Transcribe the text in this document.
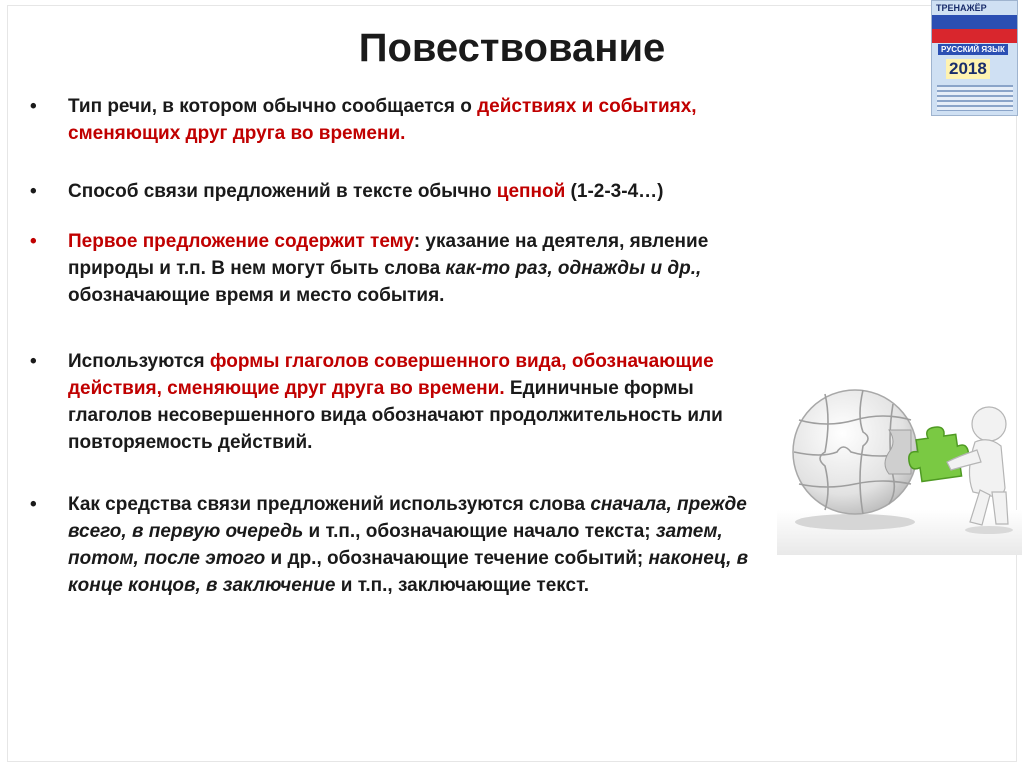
Повествование
•	Тип речи, в котором обычно сообщается о действиях и событиях, сменяющих друг друга во времени.
•	Способ связи предложений в тексте обычно цепной (1-2-3-4…)
•	Первое предложение содержит тему: указание на деятеля, явление природы и т.п. В нем могут быть слова как-то раз, однажды и др., обозначающие время и место события.
•	Используются формы глаголов совершенного вида, обозначающие действия, сменяющие друг друга во времени. Единичные формы глаголов несовершенного вида обозначают продолжительность или повторяемость действий.
•	Как средства связи предложений используются слова сначала, прежде всего, в первую очередь и т.п., обозначающие начало текста; затем, потом, после этого и др., обозначающие течение событий; наконец, в конце концов, в заключение и т.п., заключающие текст.
ТРЕНАЖЁР
РУССКИЙ ЯЗЫК
2018
